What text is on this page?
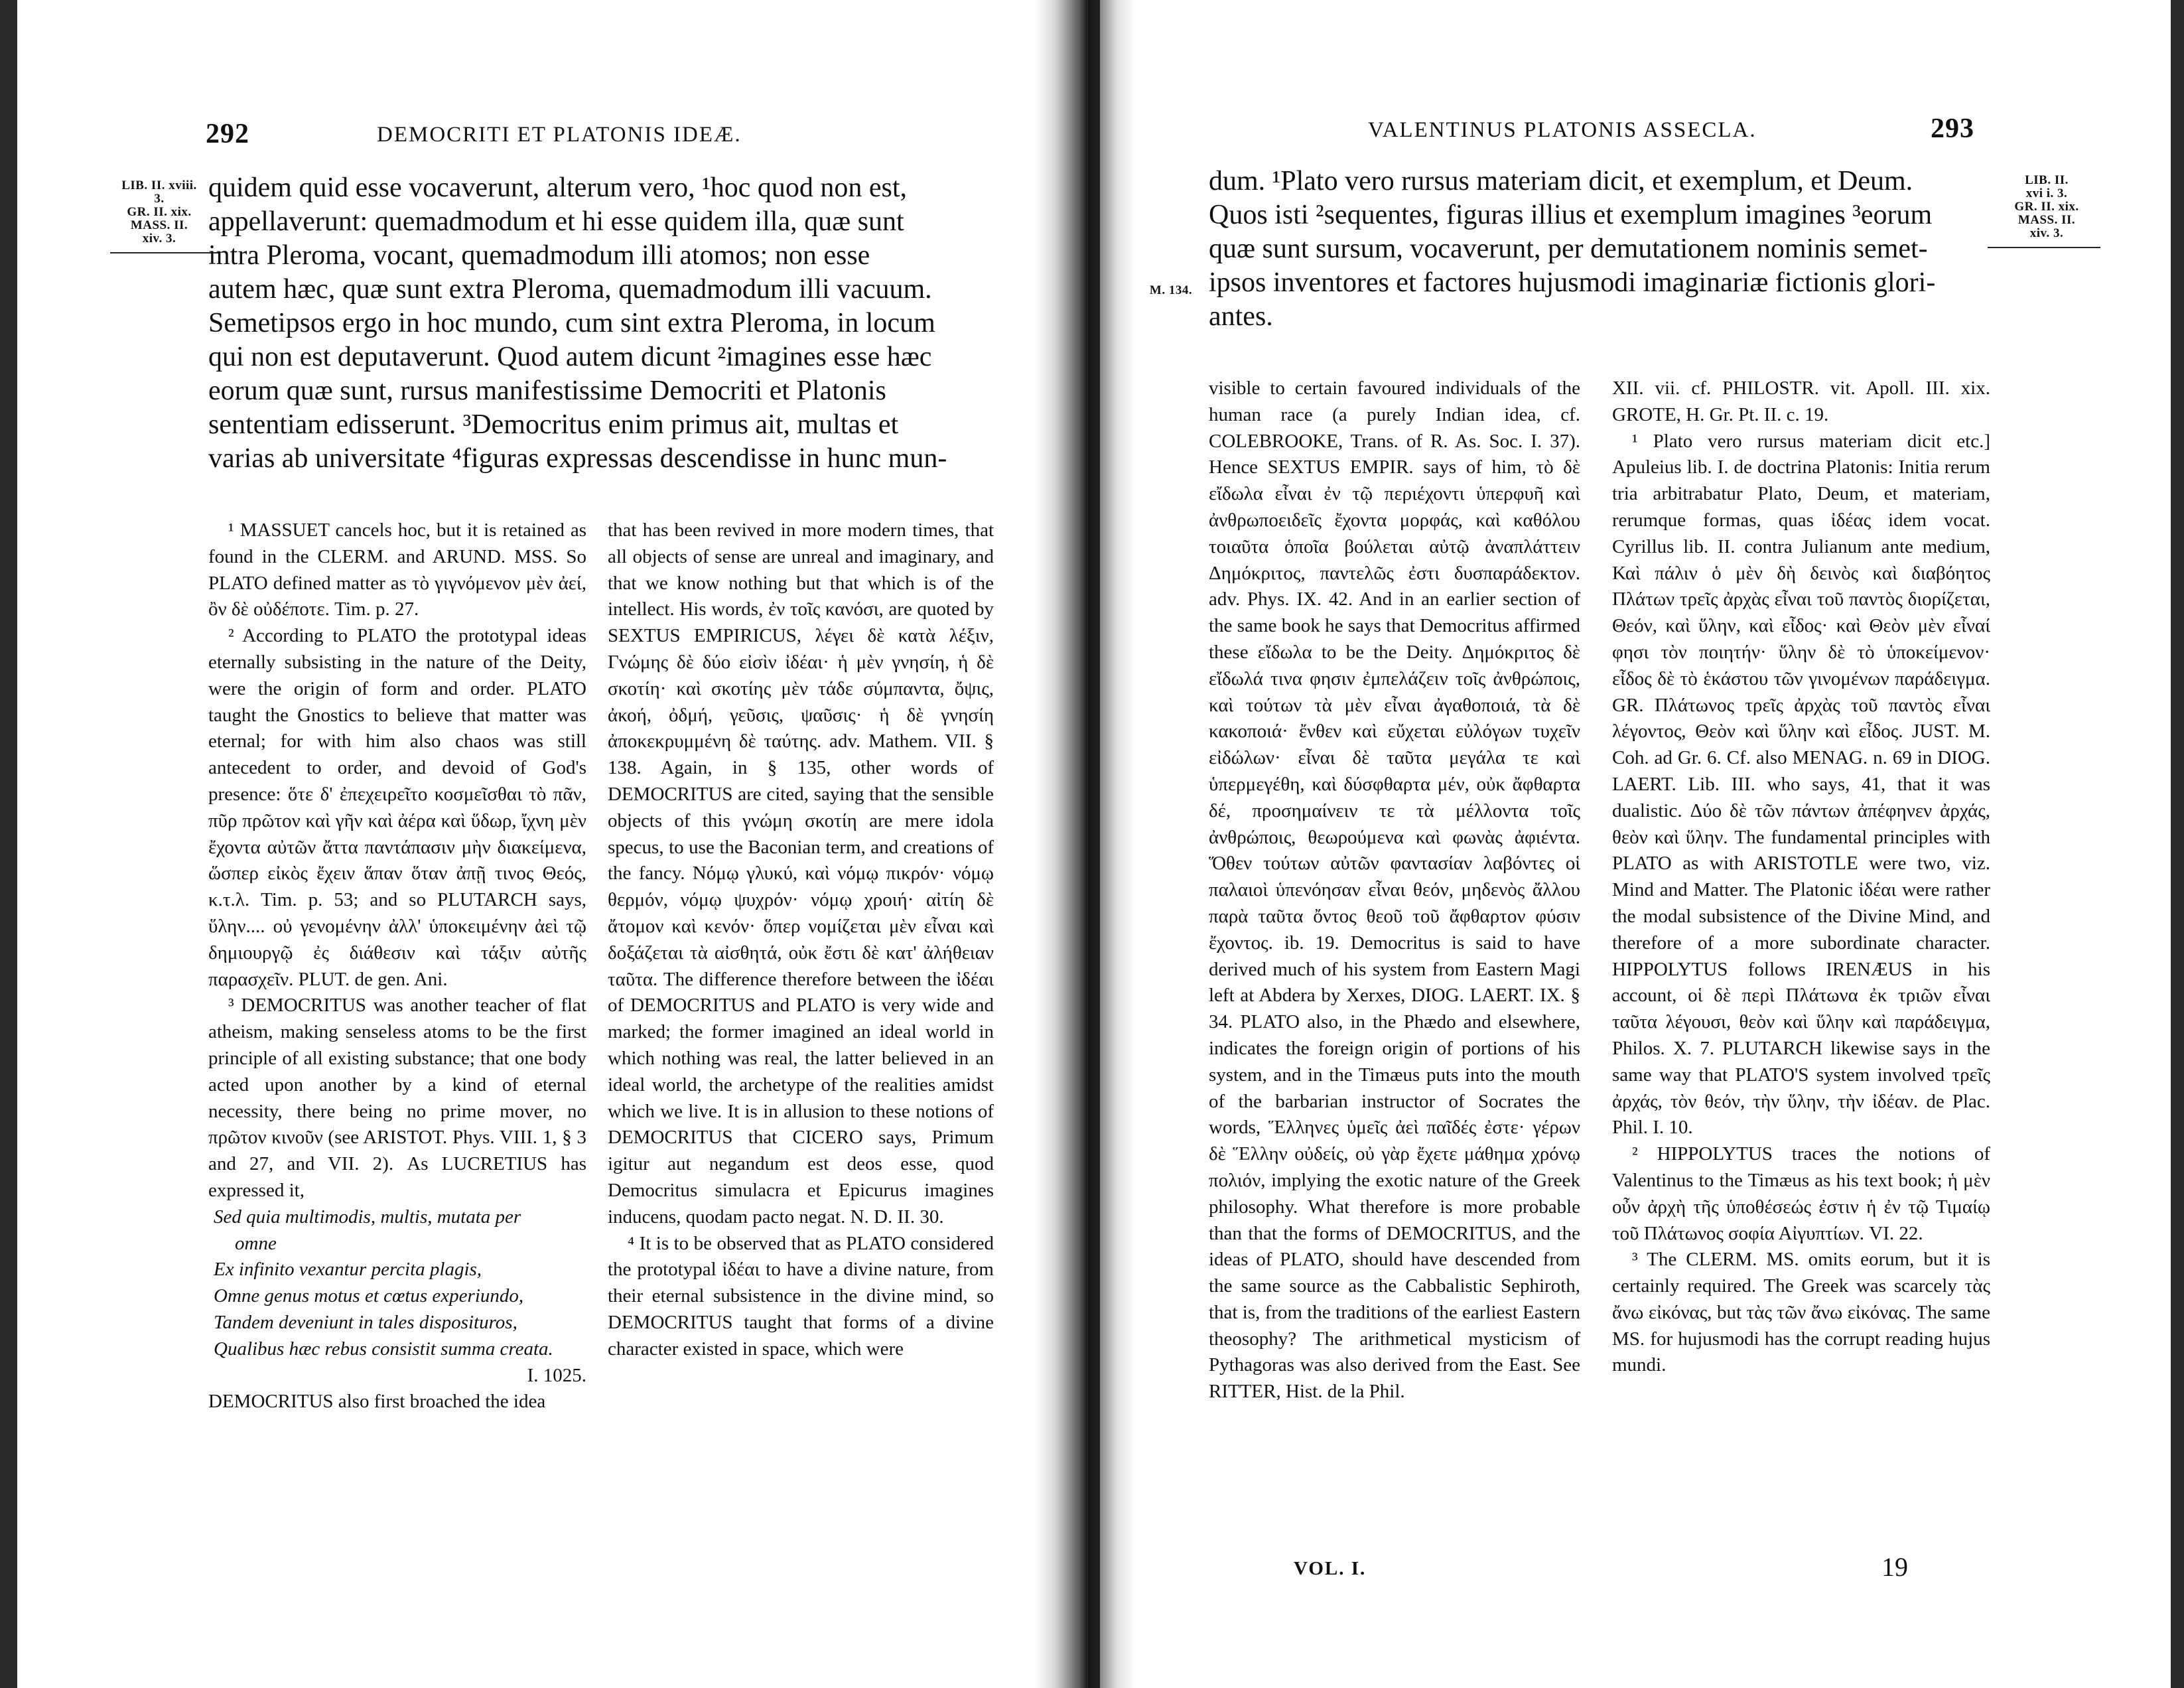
292	DEMOCRITI ET PLATONIS IDEÆ.
LIB. II. xviii.
3.
GR. II. xix.
MASS. II.
xiv. 3.
quidem quid esse vocaverunt, alterum vero, ¹hoc quod non est,
appellaverunt: quemadmodum et hi esse quidem illa, quæ sunt
intra Pleroma, vocant, quemadmodum illi atomos; non esse
autem hæc, quæ sunt extra Pleroma, quemadmodum illi vacuum.
Semetipsos ergo in hoc mundo, cum sint extra Pleroma, in locum
qui non est deputaverunt. Quod autem dicunt ²imagines esse hæc
eorum quæ sunt, rursus manifestissime Democriti et Platonis
sententiam edisserunt. ³Democritus enim primus ait, multas et
varias ab universitate ⁴figuras expressas descendisse in hunc mun-

¹ MASSUET cancels hoc, but it is retained as found in the CLERM. and ARUND. MSS. So PLATO defined matter as τὸ γιγνόμενον μὲν ἀεί, ὂν δὲ οὐδέποτε. Tim. p. 27.

² According to PLATO the prototypal ideas eternally subsisting in the nature of the Deity, were the origin of form and order. PLATO taught the Gnostics to believe that matter was eternal; for with him also chaos was still antecedent to order, and devoid of God's presence: ὅτε δ' ἐπεχειρεῖτο κοσμεῖσθαι τὸ πᾶν, πῦρ πρῶτον καὶ γῆν καὶ ἀέρα καὶ ὕδωρ, ἴχνη μὲν ἔχοντα αὐτῶν ἄττα παντάπασιν μὴν διακείμενα, ὥσπερ εἰκὸς ἔχειν ἅπαν ὅταν ἀπῇ τινος Θεός, κ.τ.λ. Tim. p. 53; and so PLUTARCH says, ὕλην.... οὐ γενομένην ἀλλ' ὑποκειμένην ἀεὶ τῷ δημιουργῷ ἐς διάθεσιν καὶ τάξιν αὐτῆς παρασχεῖν. PLUT. de gen. Ani.

³ DEMOCRITUS was another teacher of flat atheism, making senseless atoms to be the first principle of all existing substance; that one body acted upon another by a kind of eternal necessity, there being no prime mover, no πρῶτον κινοῦν (see ARISTOT. Phys. VIII. 1, § 3 and 27, and VII. 2). As LUCRETIUS has expressed it,

Sed quia multimodis, multis, mutata per

omne

Ex infinito vexantur percita plagis,

Omne genus motus et cœtus experiundo,

Tandem deveniunt in tales disposituros,

Qualibus hæc rebus consistit summa creata.

I. 1025.

DEMOCRITUS also first broached the idea

that has been revived in more modern times, that all objects of sense are unreal and imaginary, and that we know nothing but that which is of the intellect. His words, ἐν τοῖς κανόσι, are quoted by SEXTUS EMPIRICUS, λέγει δὲ κατὰ λέξιν, Γνώμης δὲ δύο εἰσὶν ἰδέαι· ἡ μὲν γνησίη, ἡ δὲ σκοτίη· καὶ σκοτίης μὲν τάδε σύμπαντα, ὄψις, ἀκοή, ὀδμή, γεῦσις, ψαῦσις· ἡ δὲ γνησίη ἀποκεκρυμμένη δὲ ταύτης. adv. Mathem. VII. § 138. Again, in § 135, other words of DEMOCRITUS are cited, saying that the sensible objects of this γνώμη σκοτίη are mere idola specus, to use the Baconian term, and creations of the fancy. Νόμῳ γλυκύ, καὶ νόμῳ πικρόν· νόμῳ θερμόν, νόμῳ ψυχρόν· νόμῳ χροιή· αἰτίη δὲ ἄτομον καὶ κενόν· ὅπερ νομίζεται μὲν εἶναι καὶ δοξάζεται τὰ αἰσθητά, οὐκ ἔστι δὲ κατ' ἀλήθειαν ταῦτα. The difference therefore between the ἰδέαι of DEMOCRITUS and PLATO is very wide and marked; the former imagined an ideal world in which nothing was real, the latter believed in an ideal world, the archetype of the realities amidst which we live. It is in allusion to these notions of DEMOCRITUS that CICERO says, Primum igitur aut negandum est deos esse, quod Democritus simulacra et Epicurus imagines inducens, quodam pacto negat. N. D. II. 30.

⁴ It is to be observed that as PLATO considered the prototypal ἰδέαι to have a divine nature, from their eternal subsistence in the divine mind, so DEMOCRITUS taught that forms of a divine character existed in space, which were

VALENTINUS PLATONIS ASSECLA.	293
LIB. II.
xvi i. 3.
GR. II. xix.
MASS. II.
xiv. 3.
M. 134.
dum. ¹Plato vero rursus materiam dicit, et exemplum, et Deum.
Quos isti ²sequentes, figuras illius et exemplum imagines ³eorum
quæ sunt sursum, vocaverunt, per demutationem nominis semet-
ipsos inventores et factores hujusmodi imaginariæ fictionis glori-
antes.

visible to certain favoured individuals of the human race (a purely Indian idea, cf. COLEBROOKE, Trans. of R. As. Soc. I. 37). Hence SEXTUS EMPIR. says of him, τὸ δὲ εἴδωλα εἶναι ἐν τῷ περιέχοντι ὑπερφυῆ καὶ ἀνθρωποειδεῖς ἔχοντα μορφάς, καὶ καθόλου τοιαῦτα ὁποῖα βούλεται αὐτῷ ἀναπλάττειν Δημόκριτος, παντελῶς ἐστι δυσπαράδεκτον. adv. Phys. IX. 42. And in an earlier section of the same book he says that Democritus affirmed these εἴδωλα to be the Deity. Δημόκριτος δὲ εἴδωλά τινα φησιν ἐμπελάζειν τοῖς ἀνθρώποις, καὶ τούτων τὰ μὲν εἶναι ἀγαθοποιά, τὰ δὲ κακοποιά· ἔνθεν καὶ εὔχεται εὐλόγων τυχεῖν εἰδώλων· εἶναι δὲ ταῦτα μεγάλα τε καὶ ὑπερμεγέθη, καὶ δύσφθαρτα μέν, οὐκ ἄφθαρτα δέ, προσημαίνειν τε τὰ μέλλοντα τοῖς ἀνθρώποις, θεωρούμενα καὶ φωνὰς ἀφιέντα. Ὅθεν τούτων αὐτῶν φαντασίαν λαβόντες οἱ παλαιοὶ ὑπενόησαν εἶναι θεόν, μηδενὸς ἄλλου παρὰ ταῦτα ὄντος θεοῦ τοῦ ἄφθαρτον φύσιν ἔχοντος. ib. 19. Democritus is said to have derived much of his system from Eastern Magi left at Abdera by Xerxes, DIOG. LAERT. IX. § 34. PLATO also, in the Phædo and elsewhere, indicates the foreign origin of portions of his system, and in the Timæus puts into the mouth of the barbarian instructor of Socrates the words, Ἕλληνες ὑμεῖς ἀεὶ παῖδές ἐστε· γέρων δὲ Ἕλλην οὐδείς, οὐ γὰρ ἔχετε μάθημα χρόνῳ πολιόν, implying the exotic nature of the Greek philosophy. What therefore is more probable than that the forms of DEMOCRITUS, and the ideas of PLATO, should have descended from the same source as the Cabbalistic Sephiroth, that is, from the traditions of the earliest Eastern theosophy? The arithmetical mysticism of Pythagoras was also derived from the East. See RITTER, Hist. de la Phil.

XII. vii. cf. PHILOSTR. vit. Apoll. III. xix. GROTE, H. Gr. Pt. II. c. 19.

¹ Plato vero rursus materiam dicit etc.] Apuleius lib. I. de doctrina Platonis: Initia rerum tria arbitrabatur Plato, Deum, et materiam, rerumque formas, quas ἰδέας idem vocat. Cyrillus lib. II. contra Julianum ante medium, Καὶ πάλιν ὁ μὲν δὴ δεινὸς καὶ διαβόητος Πλάτων τρεῖς ἀρχὰς εἶναι τοῦ παντὸς διορίζεται, Θεόν, καὶ ὕλην, καὶ εἶδος· καὶ Θεὸν μὲν εἶναί φησι τὸν ποιητήν· ὕλην δὲ τὸ ὑποκείμενον· εἶδος δὲ τὸ ἑκάστου τῶν γινομένων παράδειγμα. GR. Πλάτωνος τρεῖς ἀρχὰς τοῦ παντὸς εἶναι λέγοντος, Θεὸν καὶ ὕλην καὶ εἶδος. JUST. M. Coh. ad Gr. 6. Cf. also MENAG. n. 69 in DIOG. LAERT. Lib. III. who says, 41, that it was dualistic. Δύο δὲ τῶν πάντων ἀπέφηνεν ἀρχάς, θεὸν καὶ ὕλην. The fundamental principles with PLATO as with ARISTOTLE were two, viz. Mind and Matter. The Platonic ἰδέαι were rather the modal subsistence of the Divine Mind, and therefore of a more subordinate character. HIPPOLYTUS follows IRENÆUS in his account, οἱ δὲ περὶ Πλάτωνα ἐκ τριῶν εἶναι ταῦτα λέγουσι, θεὸν καὶ ὕλην καὶ παράδειγμα, Philos. X. 7. PLUTARCH likewise says in the same way that PLATO'S system involved τρεῖς ἀρχάς, τὸν θεόν, τὴν ὕλην, τὴν ἰδέαν. de Plac. Phil. I. 10.

² HIPPOLYTUS traces the notions of Valentinus to the Timæus as his text book; ἡ μὲν οὖν ἀρχὴ τῆς ὑποθέσεώς ἐστιν ἡ ἐν τῷ Τιμαίῳ τοῦ Πλάτωνος σοφία Αἰγυπτίων. VI. 22.

³ The CLERM. MS. omits eorum, but it is certainly required. The Greek was scarcely τὰς ἄνω εἰκόνας, but τὰς τῶν ἄνω εἰκόνας. The same MS. for hujusmodi has the corrupt reading hujus mundi.

VOL. I.	19
